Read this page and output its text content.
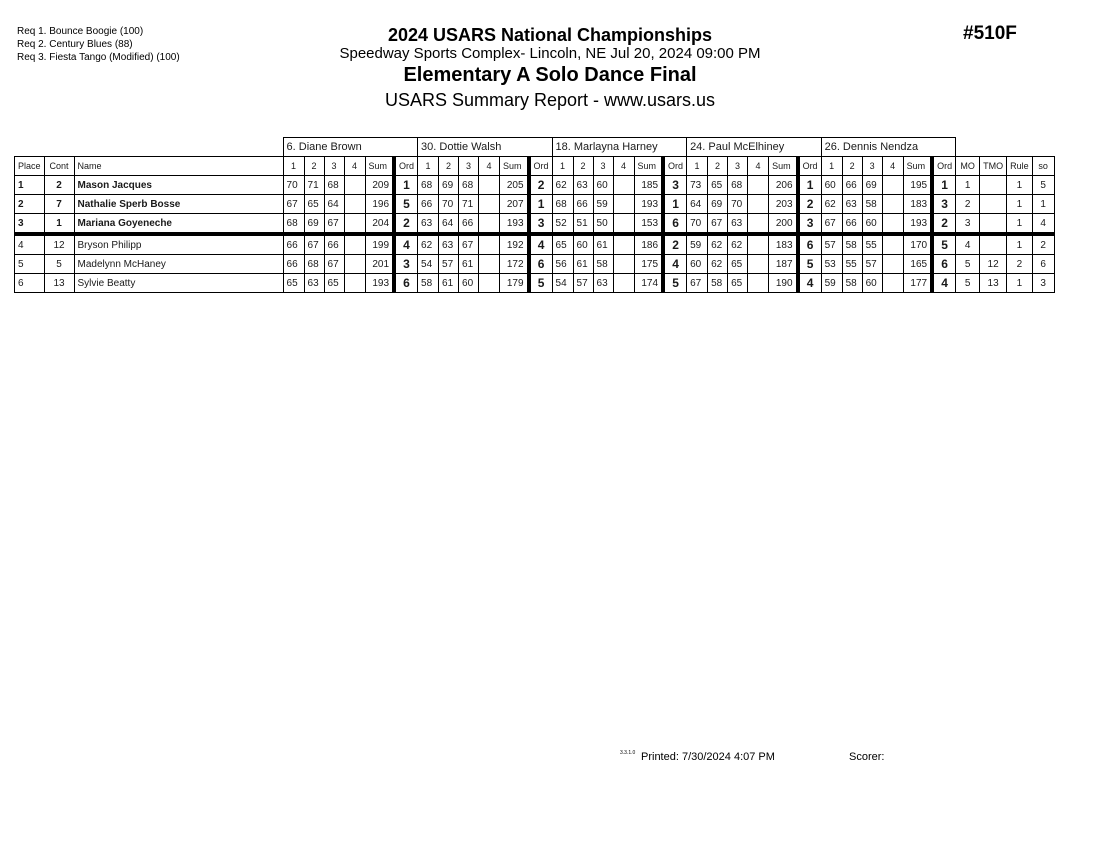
Req 1. Bounce Boogie (100)
Req 2. Century Blues (88)
Req 3. Fiesta Tango (Modified) (100)
2024 USARS National Championships
Speedway Sports Complex- Lincoln, NE Jul 20, 2024 09:00 PM
Elementary A Solo Dance Final
USARS Summary Report - www.usars.us
#510F
			6. Diane Brown						30. Dottie Walsh						18. Marlayna Harney						24. Paul McElhiney						26. Dennis Nendza									
Place	Cont	Name	1	2	3	4	Sum	Ord	1	2	3	4	Sum	Ord	1	2	3	4	Sum	Ord	1	2	3	4	Sum	Ord	1	2	3	4	Sum	Ord	MO	TMO	Rule	so
1	2	Mason Jacques	70	71	68		209	1	68	69	68		205	2	62	63	60		185	3	73	65	68		206	1	60	66	69		195	1	1		1	5
2	7	Nathalie Sperb Bosse	67	65	64		196	5	66	70	71		207	1	68	66	59		193	1	64	69	70		203	2	62	63	58		183	3	2		1	1
3	1	Mariana Goyeneche	68	69	67		204	2	63	64	66		193	3	52	51	50		153	6	70	67	63		200	3	67	66	60		193	2	3		1	4
4	12	Bryson Philipp	66	67	66		199	4	62	63	67		192	4	65	60	61		186	2	59	62	62		183	6	57	58	55		170	5	4		1	2
5	5	Madelynn McHaney	66	68	67		201	3	54	57	61		172	6	56	61	58		175	4	60	62	65		187	5	53	55	57		165	6	5	12	2	6
6	13	Sylvie Beatty	65	63	65		193	6	58	61	60		179	5	54	57	63		174	5	67	58	65		190	4	59	58	60		177	4	5	13	1	3
3.3.1.0 Printed: 7/30/2024 4:07 PM	Scorer:
